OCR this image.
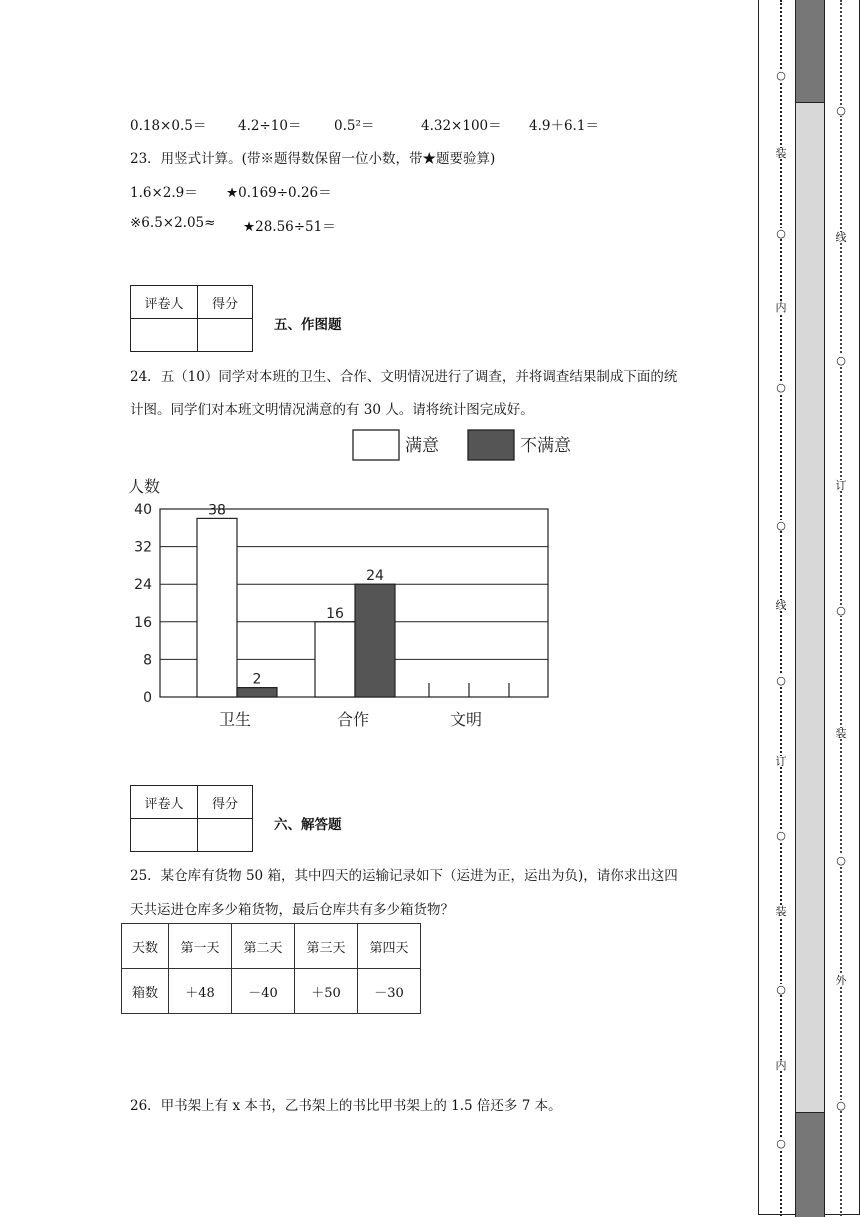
0.18×0.5＝ 4.2÷10＝ 0.5²＝	4.32×100＝ 4.9＋6.1＝
23．用竖式计算。(带※题得数保留一位小数，带★题要验算)
1.6×2.9＝ ★0.169÷0.26＝
※6.5×2.05≈ ★28.56÷51＝
评卷人	得分

五、作图题
24．五（10）同学对本班的卫生、合作、文明情况进行了调查，并将调查结果制成下面的统
计图。同学们对本班文明情况满意的有 30 人。请将统计图完成好。
满意	不满意
人数
0
8
16
24
32
40	38
2
卫生
16
24
合作	文明
评卷人	得分

六、解答题
25．某仓库有货物 50 箱，其中四天的运输记录如下（运进为正，运出为负)，请你求出这四
天共运进仓库多少箱货物，最后仓库共有多少箱货物？
天数	第一天	第二天	第三天	第四天
箱数	＋48	－40	＋50	－30
26．甲书架上有 x 本书，乙书架上的书比甲书架上的 1.5 倍还多 7 本。
○
○
○
○
○
○
○
○
装
内
线
订
装
内
○
○
○
○
○
线
订
装
外
